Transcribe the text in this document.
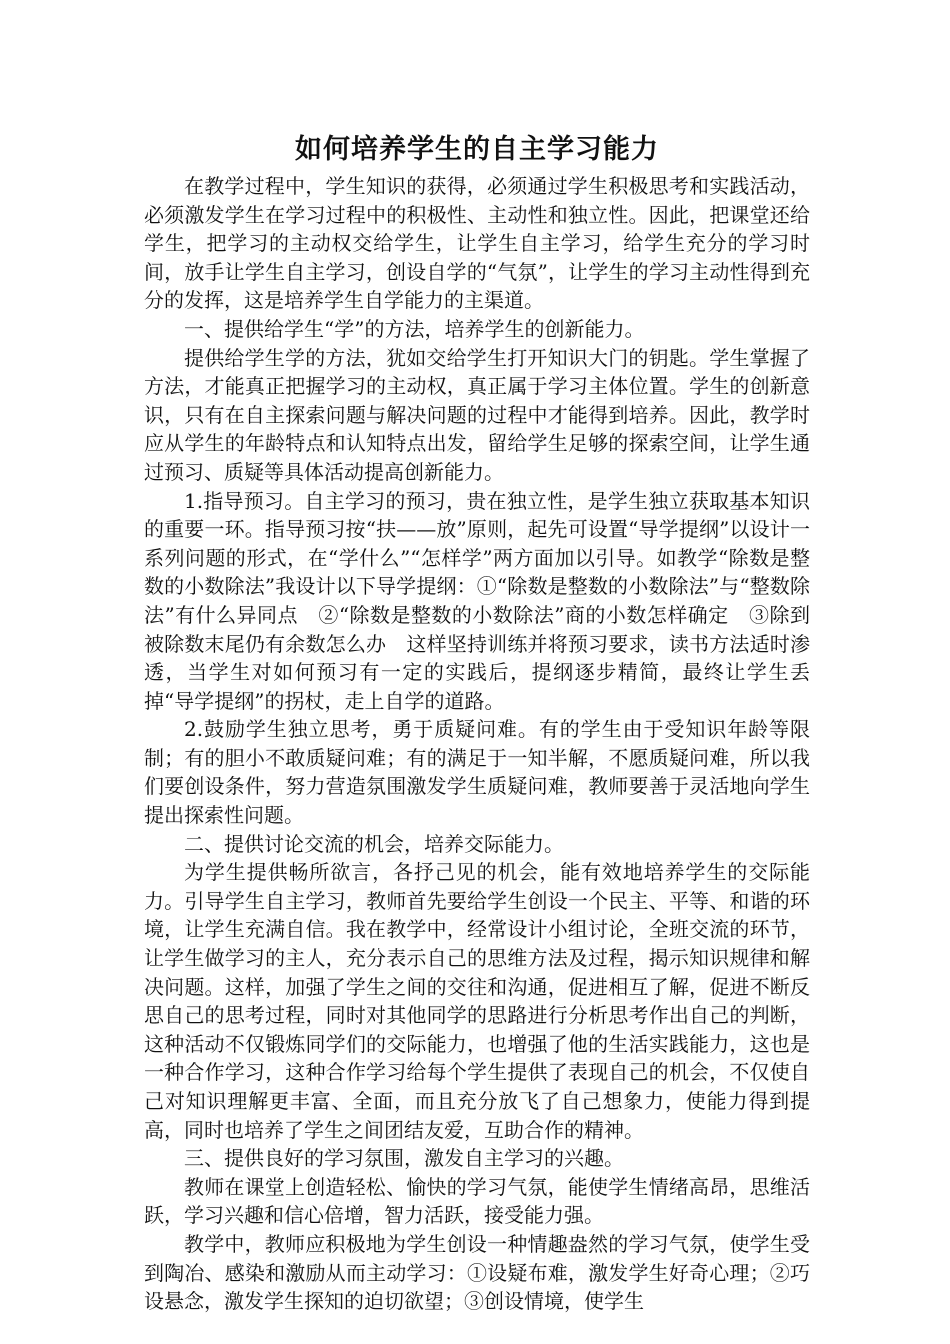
如何培养学生的自主学习能力

在教学过程中，学生知识的获得，必须通过学生积极思考和实践活动，必须激发学生在学习过程中的积极性、主动性和独立性。因此，把课堂还给学生，把学习的主动权交给学生，让学生自主学习，给学生充分的学习时间，放手让学生自主学习，创设自学的“气氛”，让学生的学习主动性得到充分的发挥，这是培养学生自学能力的主渠道。

一、提供给学生“学”的方法，培养学生的创新能力。

提供给学生学的方法，犹如交给学生打开知识大门的钥匙。学生掌握了方法，才能真正把握学习的主动权，真正属于学习主体位置。学生的创新意识，只有在自主探索问题与解决问题的过程中才能得到培养。因此，教学时应从学生的年龄特点和认知特点出发，留给学生足够的探索空间，让学生通过预习、质疑等具体活动提高创新能力。

1.指导预习。自主学习的预习，贵在独立性，是学生独立获取基本知识的重要一环。指导预习按“扶——放”原则，起先可设置“导学提纲”以设计一系列问题的形式，在“学什么”“怎样学”两方面加以引导。如教学“除数是整数的小数除法”我设计以下导学提纲：①“除数是整数的小数除法”与“整数除法”有什么异同点　②“除数是整数的小数除法”商的小数怎样确定　③除到被除数末尾仍有余数怎么办　这样坚持训练并将预习要求，读书方法适时渗透，当学生对如何预习有一定的实践后，提纲逐步精简，最终让学生丢掉“导学提纲”的拐杖，走上自学的道路。

2.鼓励学生独立思考，勇于质疑问难。有的学生由于受知识年龄等限制；有的胆小不敢质疑问难；有的满足于一知半解，不愿质疑问难，所以我们要创设条件，努力营造氛围激发学生质疑问难，教师要善于灵活地向学生提出探索性问题。

二、提供讨论交流的机会，培养交际能力。

为学生提供畅所欲言，各抒己见的机会，能有效地培养学生的交际能力。引导学生自主学习，教师首先要给学生创设一个民主、平等、和谐的环境，让学生充满自信。我在教学中，经常设计小组讨论，全班交流的环节，让学生做学习的主人，充分表示自己的思维方法及过程，揭示知识规律和解决问题。这样，加强了学生之间的交往和沟通，促进相互了解，促进不断反思自己的思考过程，同时对其他同学的思路进行分析思考作出自己的判断，这种活动不仅锻炼同学们的交际能力，也增强了他的生活实践能力，这也是一种合作学习，这种合作学习给每个学生提供了表现自己的机会，不仅使自己对知识理解更丰富、全面，而且充分放飞了自己想象力，使能力得到提高，同时也培养了学生之间团结友爱，互助合作的精神。

三、提供良好的学习氛围，激发自主学习的兴趣。

教师在课堂上创造轻松、愉快的学习气氛，能使学生情绪高昂，思维活跃，学习兴趣和信心倍增，智力活跃，接受能力强。

教学中，教师应积极地为学生创设一种情趣盎然的学习气氛，使学生受到陶冶、感染和激励从而主动学习：①设疑布难，激发学生好奇心理；②巧设悬念，激发学生探知的迫切欲望；③创设情境，使学生
